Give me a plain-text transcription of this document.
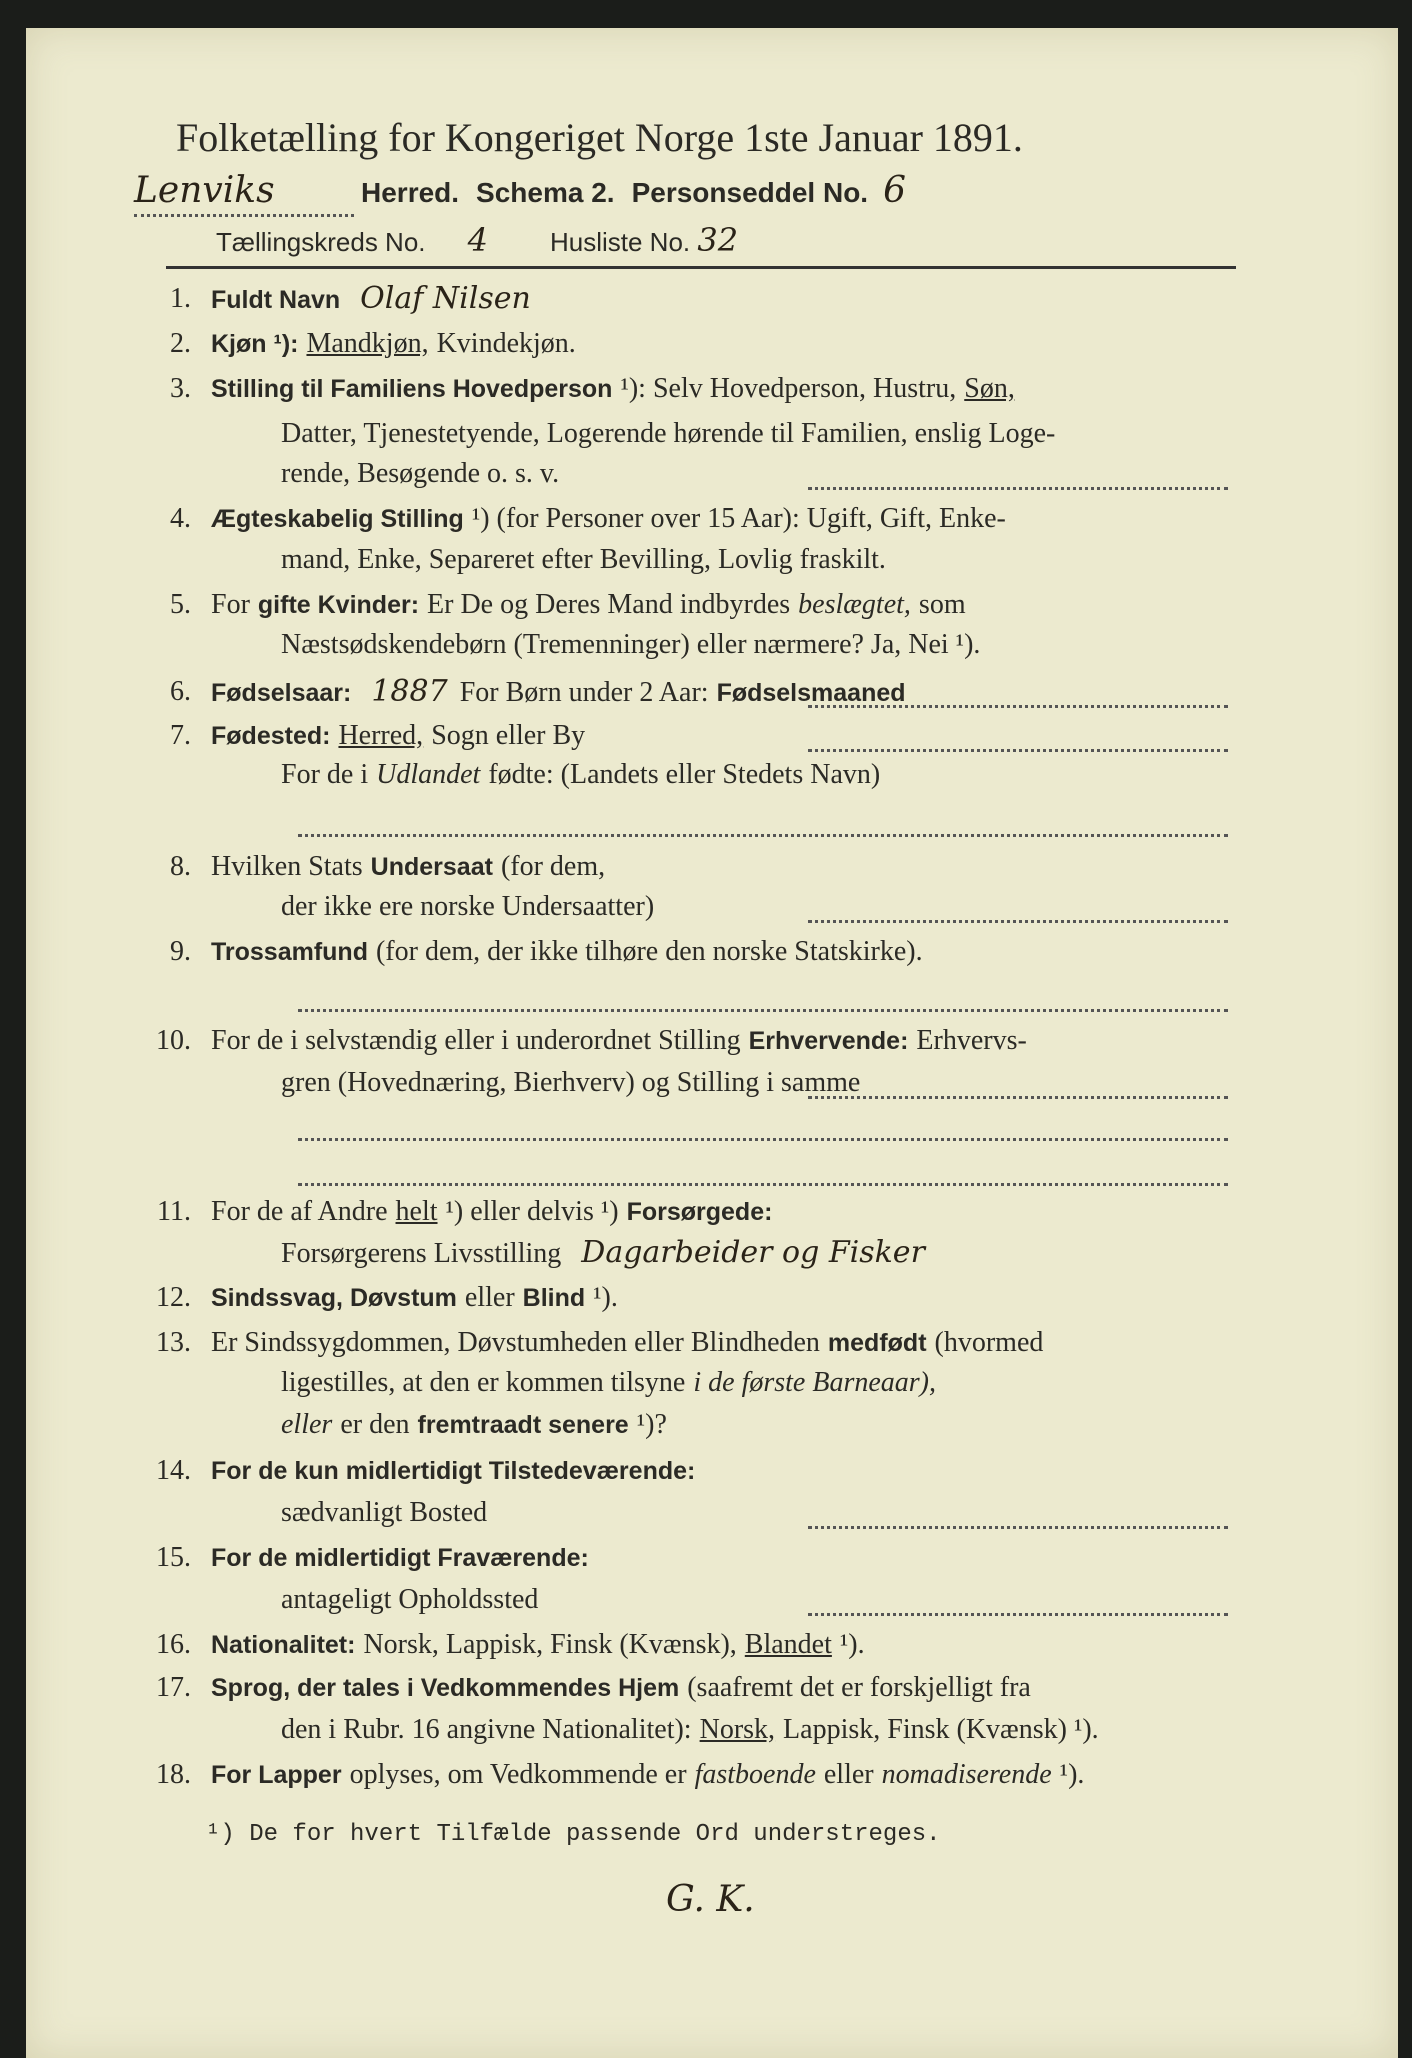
Folketælling for Kongeriget Norge 1ste Januar 1891.
Lenviks	Herred. Schema 2. Personseddel No. 6
Tællingskreds No. 4 Husliste No. 32
1. Fuldt Navn Olaf Nilsen
2. Kjøn ¹): Mandkjøn, Kvindekjøn.
3. Stilling til Familiens Hovedperson ¹): Selv Hovedperson, Hustru, Søn,
Datter, Tjenestetyende, Logerende hørende til Familien, enslig Loge-
rende, Besøgende o. s. v.
4. Ægteskabelig Stilling ¹) (for Personer over 15 Aar): Ugift, Gift, Enke-
mand, Enke, Separeret efter Bevilling, Lovlig fraskilt.
5. For gifte Kvinder: Er De og Deres Mand indbyrdes beslægtet, som
Næstsødskendebørn (Tremenninger) eller nærmere? Ja, Nei ¹).
6. Fødselsaar: 1887 For Børn under 2 Aar: Fødselsmaaned
7. Fødested: Herred, Sogn eller By
For de i Udlandet fødte: (Landets eller Stedets Navn)
8. Hvilken Stats Undersaat (for dem,
der ikke ere norske Undersaatter)
9. Trossamfund (for dem, der ikke tilhøre den norske Statskirke).
10. For de i selvstændig eller i underordnet Stilling Erhvervende: Erhvervs-
gren (Hovednæring, Bierhverv) og Stilling i samme
11. For de af Andre helt ¹) eller delvis ¹) Forsørgede:
Forsørgerens Livsstilling Dagarbeider og Fisker
12. Sindssvag, Døvstum eller Blind ¹).
13. Er Sindssygdommen, Døvstumheden eller Blindheden medfødt (hvormed
ligestilles, at den er kommen tilsyne i de første Barneaar),
eller er den fremtraadt senere ¹)?
14. For de kun midlertidigt Tilstedeværende:
sædvanligt Bosted
15. For de midlertidigt Fraværende:
antageligt Opholdssted
16. Nationalitet: Norsk, Lappisk, Finsk (Kvænsk), Blandet ¹).
17. Sprog, der tales i Vedkommendes Hjem (saafremt det er forskjelligt fra
den i Rubr. 16 angivne Nationalitet): Norsk, Lappisk, Finsk (Kvænsk) ¹).
18. For Lapper oplyses, om Vedkommende er fastboende eller nomadiserende ¹).
¹) De for hvert Tilfælde passende Ord understreges.
G. K.
